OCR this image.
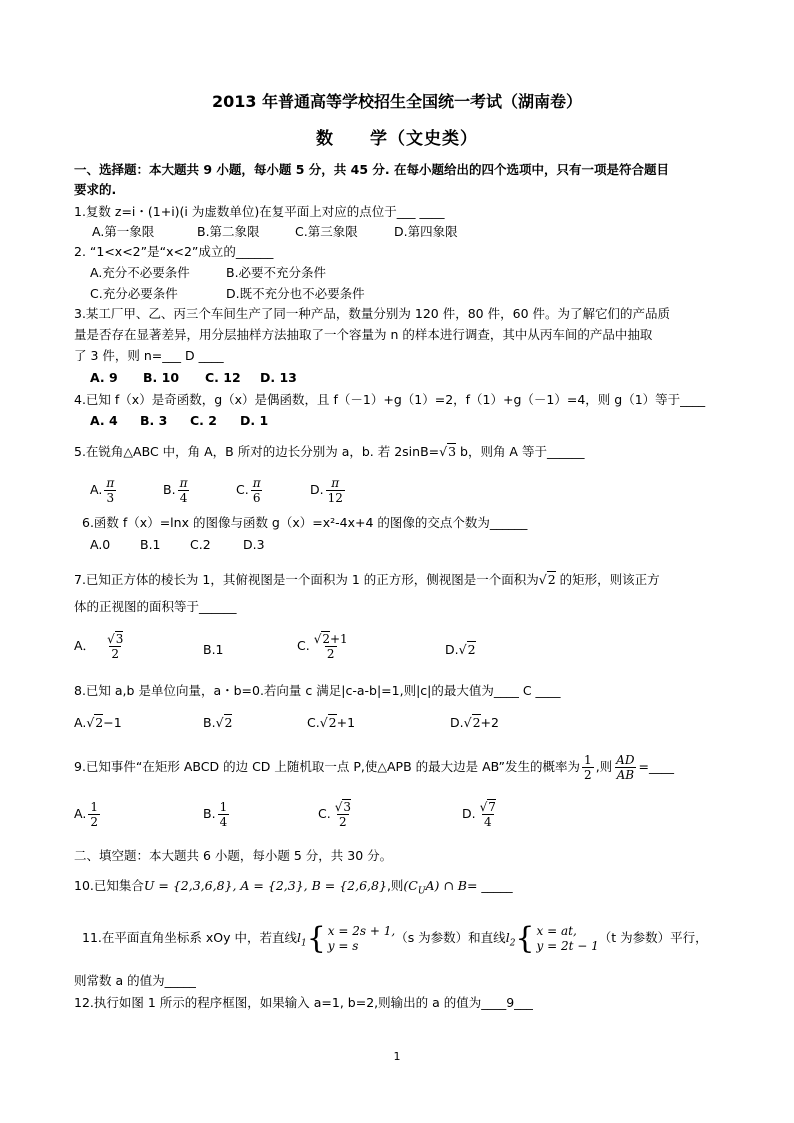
2013 年普通高等学校招生全国统一考试（湖南卷）
数　　学（文史类）
一、选择题：本大题共 9 小题，每小题 5 分，共 45 分. 在每小题给出的四个选项中，只有一项是符合题目
要求的.
1.复数 z=i・(1+i)(i 为虚数单位)在复平面上对应的点位于___ ____
A.第一象限	B.第二象限	C.第三象限	D.第四象限
2. “1<x<2”是“x<2”成立的______
A.充分不必要条件	B.必要不充分条件
C.充分必要条件	D.既不充分也不必要条件
3.某工厂甲、乙、丙三个车间生产了同一种产品，数量分别为 120 件，80 件，60 件。为了解它们的产品质
量是否存在显著差异，用分层抽样方法抽取了一个容量为 n 的样本进行调查，其中从丙车间的产品中抽取
了 3 件，则 n=___ D ____
A. 9 B. 10 C. 12 D. 13
4.已知 f（x）是奇函数，g（x）是偶函数，且 f（－1）+g（1）=2，f（1）+g（－1）=4，则 g（1）等于____
A. 4 B. 3 C. 2 D. 1
5.在锐角△ABC 中，角 A，B 所对的边长分别为 a，b. 若 2sinB=√3 b，则角 A 等于______
A. $\frac{\pi}{3}$	B. $\frac{\pi}{4}$	C. $\frac{\pi}{6}$	D. $\frac{\pi}{12}$
6.函数 f（x）=lnx 的图像与函数 g（x）=x²-4x+4 的图像的交点个数为______
A.0 B.1 C.2	D.3
7.已知正方体的棱长为 1，其俯视图是一个面积为 1 的正方形，侧视图是一个面积为√2 的矩形，则该正方
体的正视图的面积等于______
A． $\frac{√3}{2}$	B.1	C. $\frac{√2+1}{2}$	D.√2
8.已知 a,b 是单位向量，a・b=0.若向量 c 满足|c-a-b|=1,则|c|的最大值为____ C ____
A.√2−1	B.√2	C.√2+1	D.√2+2
9.已知事件“在矩形 ABCD 的边 CD 上随机取一点 P,使△APB 的最大边是 AB”发生的概率为 $\frac{1}{2}$ ,则 $\frac{AD}{AB}$ =____
A. $\frac{1}{2}$	B. $\frac{1}{4}$	C. $\frac{√3}{2}$	D. $\frac{√7}{4}$
二、填空题：本大题共 6 小题，每小题 5 分，共 30 分。
10.已知集合U = {2,3,6,8}, A = {2,3}, B = {2,6,8},则$(C_UA)$ ∩ B= _____
11.在平面直角坐标系 xOy 中，若直线$l_1$ { x = 2s + 1,
y = s
（s 为参数）和直线$l_2$ { x = at,
y = 2t − 1
（t 为参数）平行，
则常数 a 的值为_____
12.执行如图 1 所示的程序框图，如果输入 a=1, b=2,则输出的 a 的值为____9___
1
